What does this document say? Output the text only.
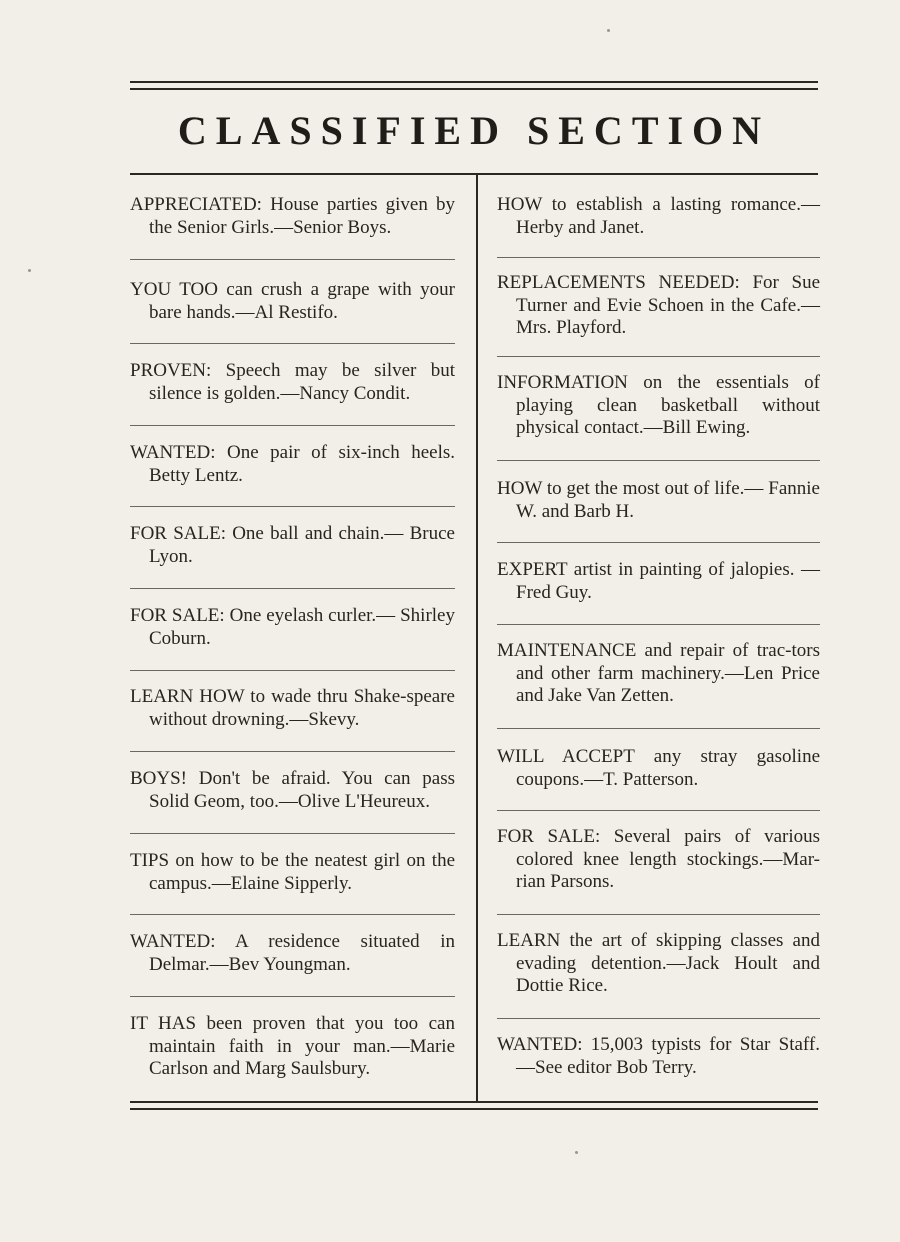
CLASSIFIED SECTION
APPRECIATED: House parties given by the Senior Girls.—Senior Boys.
YOU TOO can crush a grape with your bare hands.—Al Restifo.
PROVEN: Speech may be silver but silence is golden.—Nancy Condit.
WANTED: One pair of six-inch heels. Betty Lentz.
FOR SALE: One ball and chain.— Bruce Lyon.
FOR SALE: One eyelash curler.— Shirley Coburn.
LEARN HOW to wade thru Shake-speare without drowning.—Skevy.
BOYS! Don't be afraid. You can pass Solid Geom, too.—Olive L'Heureux.
TIPS on how to be the neatest girl on the campus.—Elaine Sipperly.
WANTED: A residence situated in Delmar.—Bev Youngman.
IT HAS been proven that you too can maintain faith in your man.—Marie Carlson and Marg Saulsbury.
HOW to establish a lasting romance.— Herby and Janet.
REPLACEMENTS NEEDED: For Sue Turner and Evie Schoen in the Cafe.—Mrs. Playford.
INFORMATION on the essentials of playing clean basketball without physical contact.—Bill Ewing.
HOW to get the most out of life.— Fannie W. and Barb H.
EXPERT artist in painting of jalopies. —Fred Guy.
MAINTENANCE and repair of trac-tors and other farm machinery.—Len Price and Jake Van Zetten.
WILL ACCEPT any stray gasoline coupons.—T. Patterson.
FOR SALE: Several pairs of various colored knee length stockings.—Mar-rian Parsons.
LEARN the art of skipping classes and evading detention.—Jack Hoult and Dottie Rice.
WANTED: 15,003 typists for Star Staff.—See editor Bob Terry.
